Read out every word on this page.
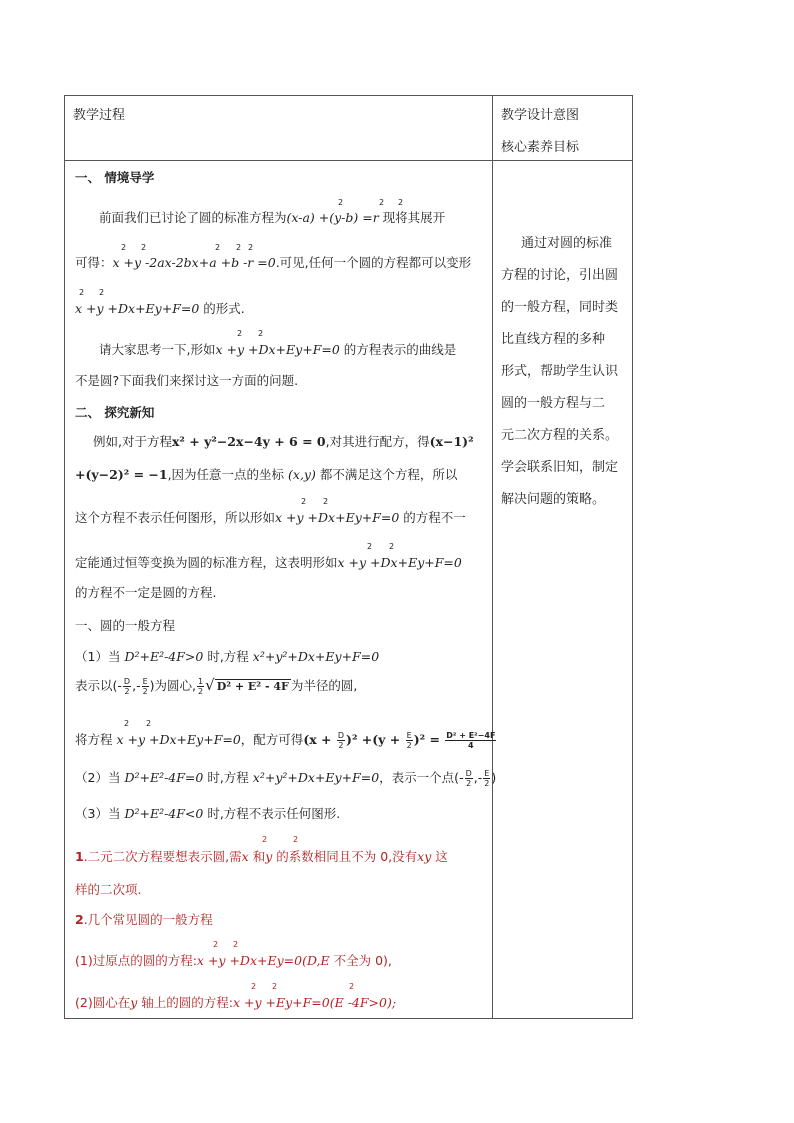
教学过程	教学设计意图
核心素养目标

通过对圆的标准

方程的讨论，引出圆

的一般方程，同时类

比直线方程的多种

形式，帮助学生认识

圆的一般方程与二

元二次方程的关系。

学会联系旧知，制定

解决问题的策略。

一、 情境导学
前面我们已讨论了圆的标准方程为(x-a) +(y-b) =r 现将其展开
2	2 2
可得：x +y -2ax-2bx+a +b -r =0.可见,任何一个圆的方程都可以变形
2 2	2 2 2
x +y +Dx+Ey+F=0 的形式.
2 2
请大家思考一下,形如x +y +Dx+Ey+F=0 的方程表示的曲线是
2 2
不是圆?下面我们来探讨这一方面的问题.
二、 探究新知
例如,对于方程x² + y²−2x−4y + 6 = 0,对其进行配方，得(x−1)²
+(y−2)² = −1,因为任意一点的坐标 (x,y) 都不满足这个方程，所以
这个方程不表示任何图形，所以形如x +y +Dx+Ey+F=0 的方程不一
2 2
定能通过恒等变换为圆的标准方程，这表明形如x +y +Dx+Ey+F=0
2 2
的方程不一定是圆的方程.
一、圆的一般方程
（1）当 D²+E²-4F>0 时,方程 x²+y²+Dx+Ey+F=0
表示以(- $\frac{D}{2}$ ,- $\frac{E}{2}$ )为圆心, $\frac{1}{2}$ √ D² + E² - 4F 为半径的圆,
将方程 x +y +Dx+Ey+F=0，配方可得$(x + \frac{D}{2} )^2 +(y + \frac{E}{2} )^2 = \frac{\text{D² + E²−4F}}{4}$
2 2
（2）当 D²+E²-4F=0 时,方程 x²+y²+Dx+Ey+F=0，表示一个点(- $\frac{D}{2}$ ,- $\frac{E}{2}$ )
（3）当 D²+E²-4F<0 时,方程不表示任何图形.
1.二元二次方程要想表示圆,需x 和y 的系数相同且不为 0,没有xy 这
2	2
样的二次项.
2.几个常见圆的一般方程
(1)过原点的圆的方程:x +y +Dx+Ey=0(D,E 不全为 0),
2 2
(2)圆心在y 轴上的圆的方程:x +y +Ey+F=0(E -4F>0);
2 2	2
